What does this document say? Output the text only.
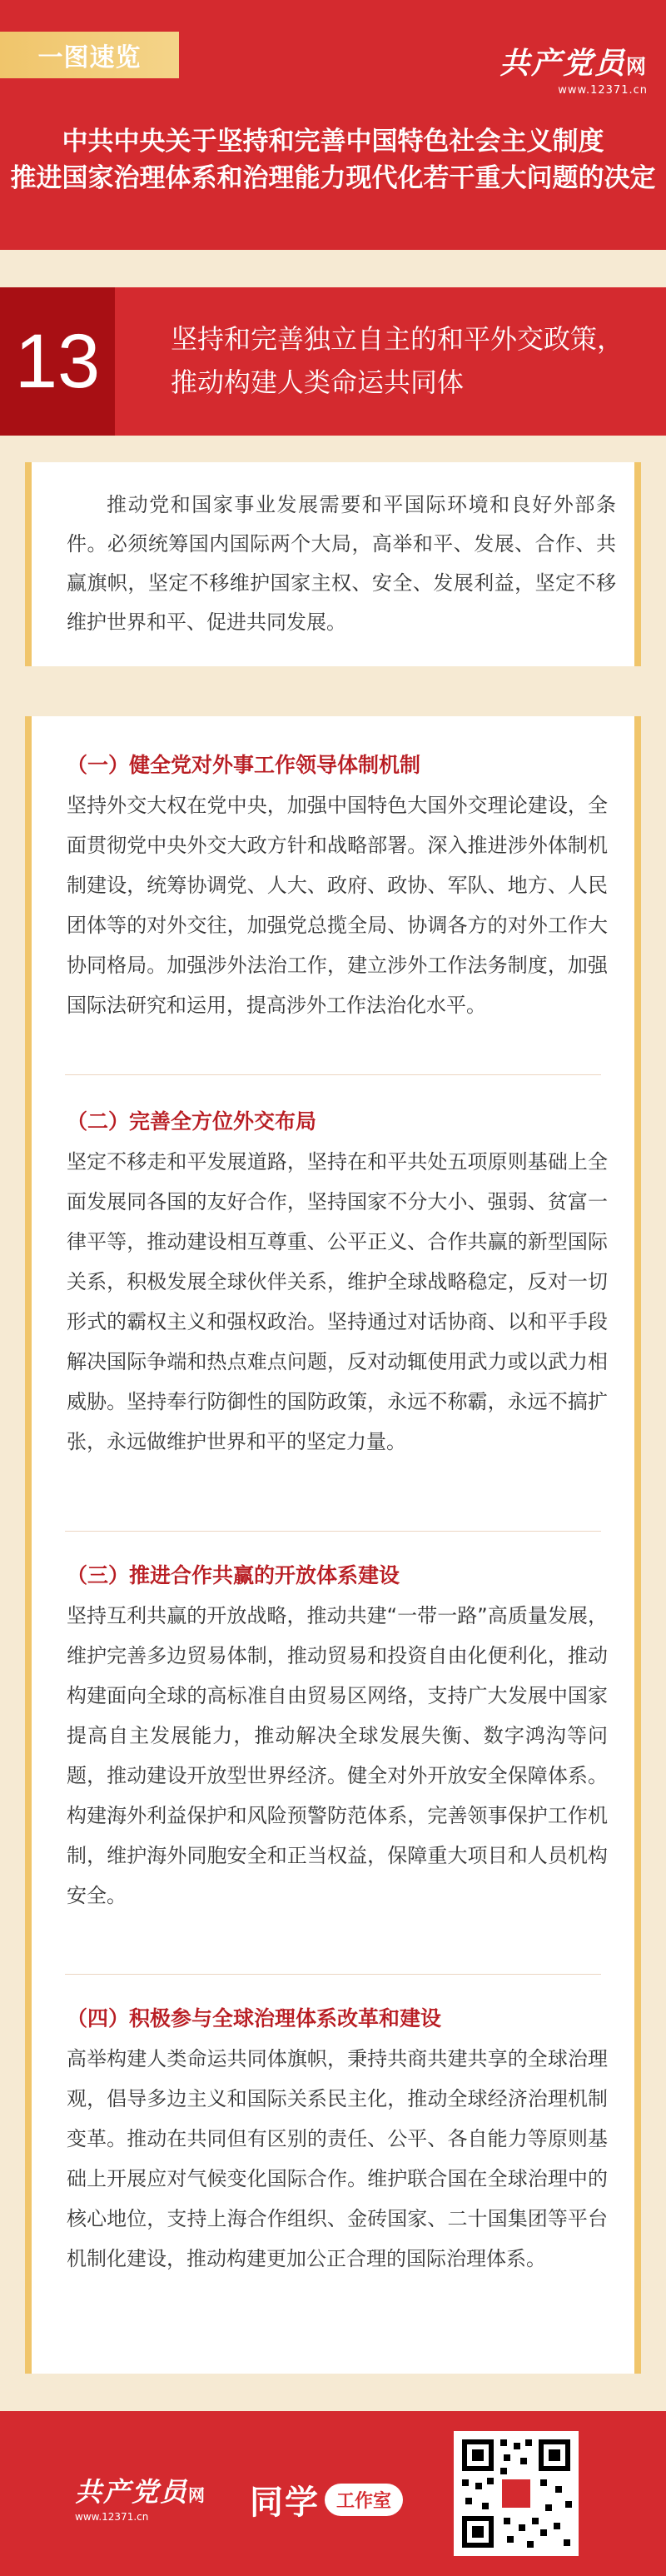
一图速览	共产党员网
www.12371.cn
中共中央关于坚持和完善中国特色社会主义制度
推进国家治理体系和治理能力现代化若干重大问题的决定
13	坚持和完善独立自主的和平外交政策，
推动构建人类命运共同体
推动党和国家事业发展需要和平国际环境和良好外部条件。必须统筹国内国际两个大局，高举和平、发展、合作、共赢旗帜，坚定不移维护国家主权、安全、发展利益，坚定不移维护世界和平、促进共同发展。
（一）健全党对外事工作领导体制机制
坚持外交大权在党中央，加强中国特色大国外交理论建设，全面贯彻党中央外交大政方针和战略部署。深入推进涉外体制机制建设，统筹协调党、人大、政府、政协、军队、地方、人民团体等的对外交往，加强党总揽全局、协调各方的对外工作大协同格局。加强涉外法治工作，建立涉外工作法务制度，加强国际法研究和运用，提高涉外工作法治化水平。
（二）完善全方位外交布局
坚定不移走和平发展道路，坚持在和平共处五项原则基础上全面发展同各国的友好合作，坚持国家不分大小、强弱、贫富一律平等，推动建设相互尊重、公平正义、合作共赢的新型国际关系，积极发展全球伙伴关系，维护全球战略稳定，反对一切形式的霸权主义和强权政治。坚持通过对话协商、以和平手段解决国际争端和热点难点问题，反对动辄使用武力或以武力相威胁。坚持奉行防御性的国防政策，永远不称霸，永远不搞扩张，永远做维护世界和平的坚定力量。
（三）推进合作共赢的开放体系建设
坚持互利共赢的开放战略，推动共建“一带一路”高质量发展，维护完善多边贸易体制，推动贸易和投资自由化便利化，推动构建面向全球的高标准自由贸易区网络，支持广大发展中国家提高自主发展能力，推动解决全球发展失衡、数字鸿沟等问题，推动建设开放型世界经济。健全对外开放安全保障体系。构建海外利益保护和风险预警防范体系，完善领事保护工作机制，维护海外同胞安全和正当权益，保障重大项目和人员机构安全。
（四）积极参与全球治理体系改革和建设
高举构建人类命运共同体旗帜，秉持共商共建共享的全球治理观，倡导多边主义和国际关系民主化，推动全球经济治理机制变革。推动在共同但有区别的责任、公平、各自能力等原则基础上开展应对气候变化国际合作。维护联合国在全球治理中的核心地位，支持上海合作组织、金砖国家、二十国集团等平台机制化建设，推动构建更加公正合理的国际治理体系。
共产党员网
www.12371.cn	同学 工作室
